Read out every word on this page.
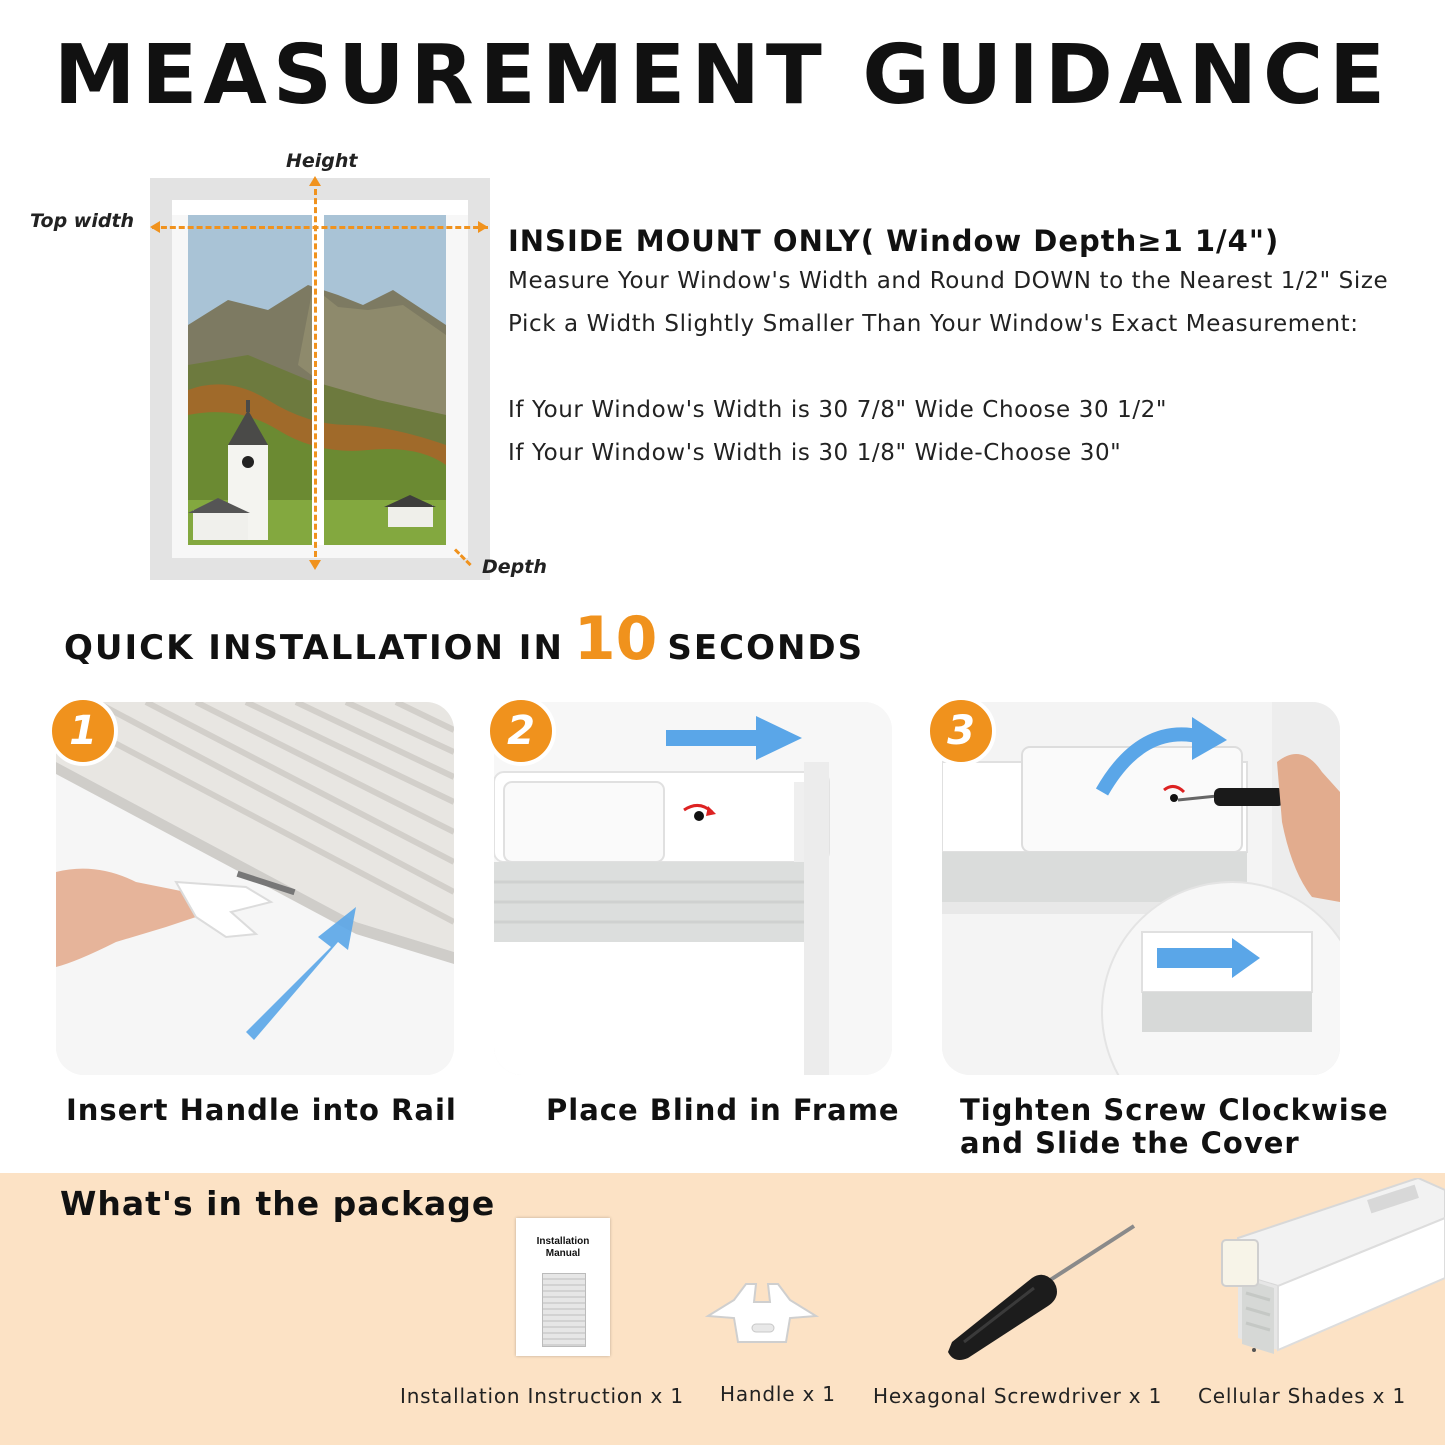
MEASUREMENT GUIDANCE
Height
Top width
Depth
INSIDE MOUNT ONLY( Window Depth≥1 1/4")
Measure Your Window's Width and Round DOWN to the Nearest 1/2" Size
Pick a Width Slightly Smaller Than Your Window's Exact Measurement:
If Your Window's Width is 30 7/8" Wide Choose 30 1/2"
If Your Window's Width is 30 1/8" Wide-Choose 30"
QUICK INSTALLATION IN 10 SECONDS
1
Insert Handle into Rail
2
Place Blind in Frame
3
Tighten Screw Clockwise
and Slide the Cover
What's in the package
Installation
Manual
Installation Instruction x 1 Handle x 1 Hexagonal Screwdriver x 1 Cellular Shades x 1
